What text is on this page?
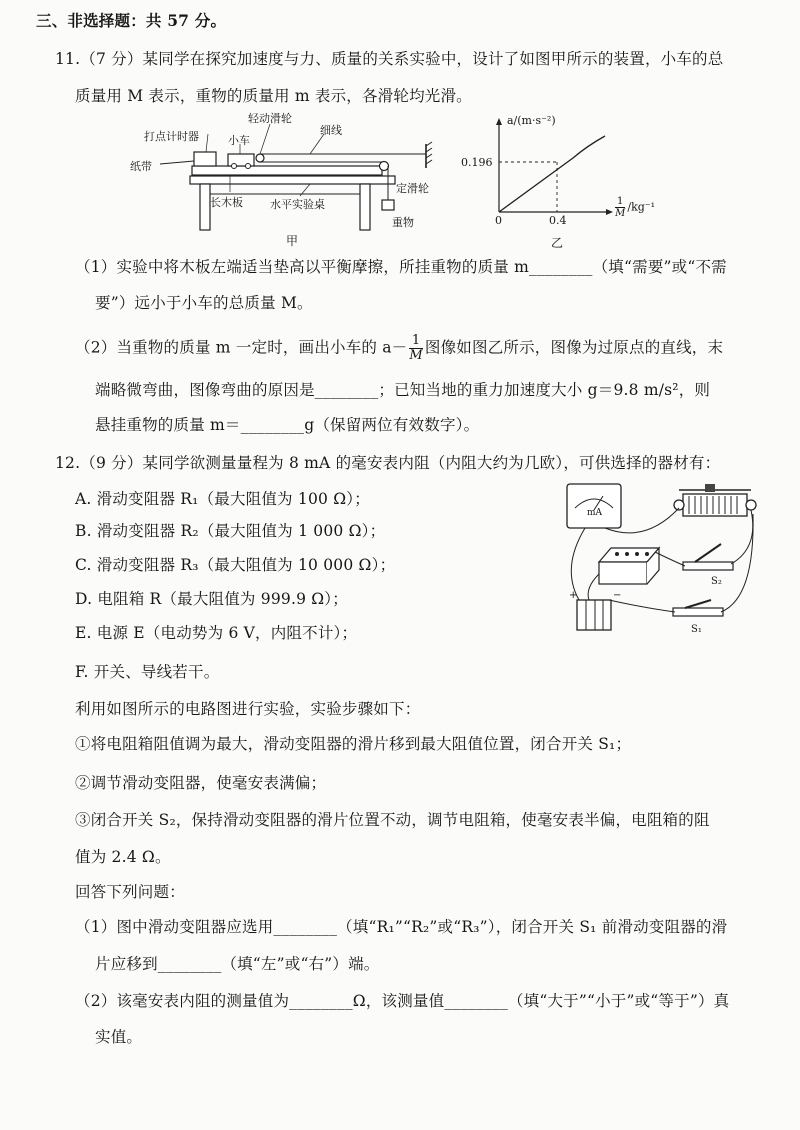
三、非选择题：共 57 分。
11.（7 分）某同学在探究加速度与力、质量的关系实验中，设计了如图甲所示的装置，小车的总
质量用 M 表示，重物的质量用 m 表示，各滑轮均光滑。
打点计时器
轻动滑轮
小车
细线
纸带
长木板 水平实验桌
定滑轮
重物
甲
a/(m·s⁻²)
0.196
0	0.4
$\frac{1}{M} /kg^{-1}$
乙
（1）实验中将木板左端适当垫高以平衡摩擦，所挂重物的质量 m________（填“需要”或“不需
要”）远小于小车的总质量 M。
（2）当重物的质量 m 一定时，画出小车的 $a- \frac{1}{M}$ 图像如图乙所示，图像为过原点的直线，末
端略微弯曲，图像弯曲的原因是________；已知当地的重力加速度大小 g＝9.8 m/s²，则
悬挂重物的质量 m＝________g（保留两位有效数字）。
12.（9 分）某同学欲测量量程为 8 mA 的毫安表内阻（内阻大约为几欧），可供选择的器材有：
A. 滑动变阻器 R₁（最大阻值为 100 Ω）；
B. 滑动变阻器 R₂（最大阻值为 1 000 Ω）；
C. 滑动变阻器 R₃（最大阻值为 10 000 Ω）；
D. 电阻箱 R（最大阻值为 999.9 Ω）；
E. 电源 E（电动势为 6 V，内阻不计）；
F. 开关、导线若干。
mA
S₂
S₁
+	−
利用如图所示的电路图进行实验，实验步骤如下：
①将电阻箱阻值调为最大，滑动变阻器的滑片移到最大阻值位置，闭合开关 S₁；
②调节滑动变阻器，使毫安表满偏；
③闭合开关 S₂，保持滑动变阻器的滑片位置不动，调节电阻箱，使毫安表半偏，电阻箱的阻
值为 2.4 Ω。
回答下列问题：
（1）图中滑动变阻器应选用________（填“R₁”“R₂”或“R₃”），闭合开关 S₁ 前滑动变阻器的滑
片应移到________（填“左”或“右”）端。
（2）该毫安表内阻的测量值为________Ω，该测量值________（填“大于”“小于”或“等于”）真
实值。
